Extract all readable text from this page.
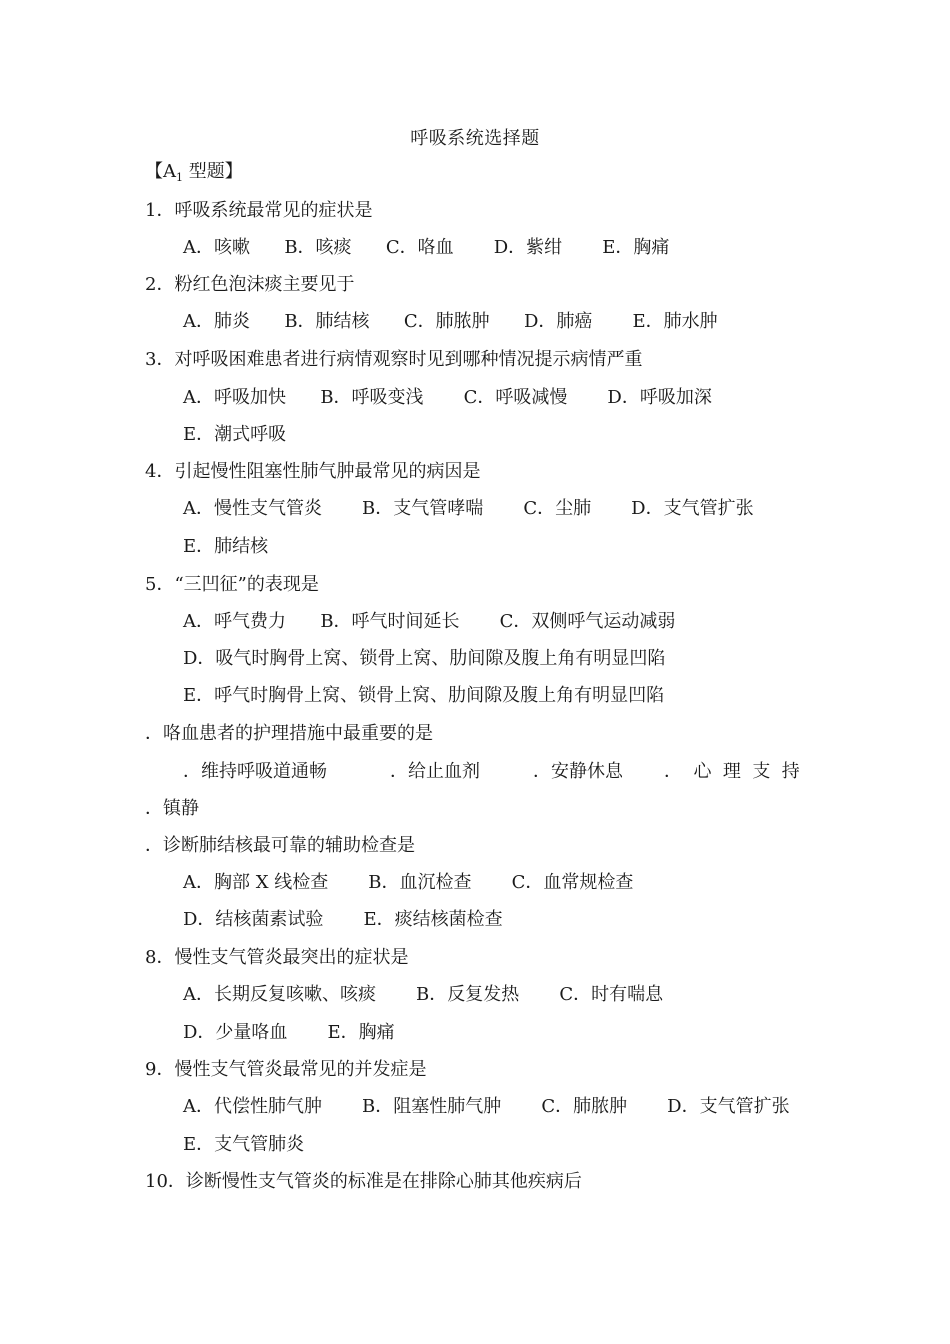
呼吸系统选择题
【$A_1$ 型题】
1．呼吸系统最常见的症状是
A．咳嗽      B．咳痰      C．咯血       D．紫绀       E．胸痛
2．粉红色泡沫痰主要见于
A．肺炎      B．肺结核      C．肺脓肿      D．肺癌       E．肺水肿
3．对呼吸困难患者进行病情观察时见到哪种情况提示病情严重
A．呼吸加快      B．呼吸变浅       C．呼吸减慢       D．呼吸加深
E．潮式呼吸
4．引起慢性阻塞性肺气肿最常见的病因是
A．慢性支气管炎       B．支气管哮喘       C．尘肺       D．支气管扩张
E．肺结核
5．“三凹征”的表现是
A．呼气费力      B．呼气时间延长       C．双侧呼气运动减弱
D．吸气时胸骨上窝、锁骨上窝、肋间隙及腹上角有明显凹陷
E．呼气时胸骨上窝、锁骨上窝、肋间隙及腹上角有明显凹陷
．咯血患者的护理措施中最重要的是
．维持呼吸道通畅	．给止血剂	．安静休息 ．  心  理  支  持
．镇静
．诊断肺结核最可靠的辅助检查是
A．胸部 X 线检查       B．血沉检查       C．血常规检查
D．结核菌素试验       E．痰结核菌检查
8．慢性支气管炎最突出的症状是
A．长期反复咳嗽、咳痰       B．反复发热       C．时有喘息
D．少量咯血       E．胸痛
9．慢性支气管炎最常见的并发症是
A．代偿性肺气肿       B．阻塞性肺气肿       C．肺脓肿       D．支气管扩张
E．支气管肺炎
10．诊断慢性支气管炎的标准是在排除心肺其他疾病后
